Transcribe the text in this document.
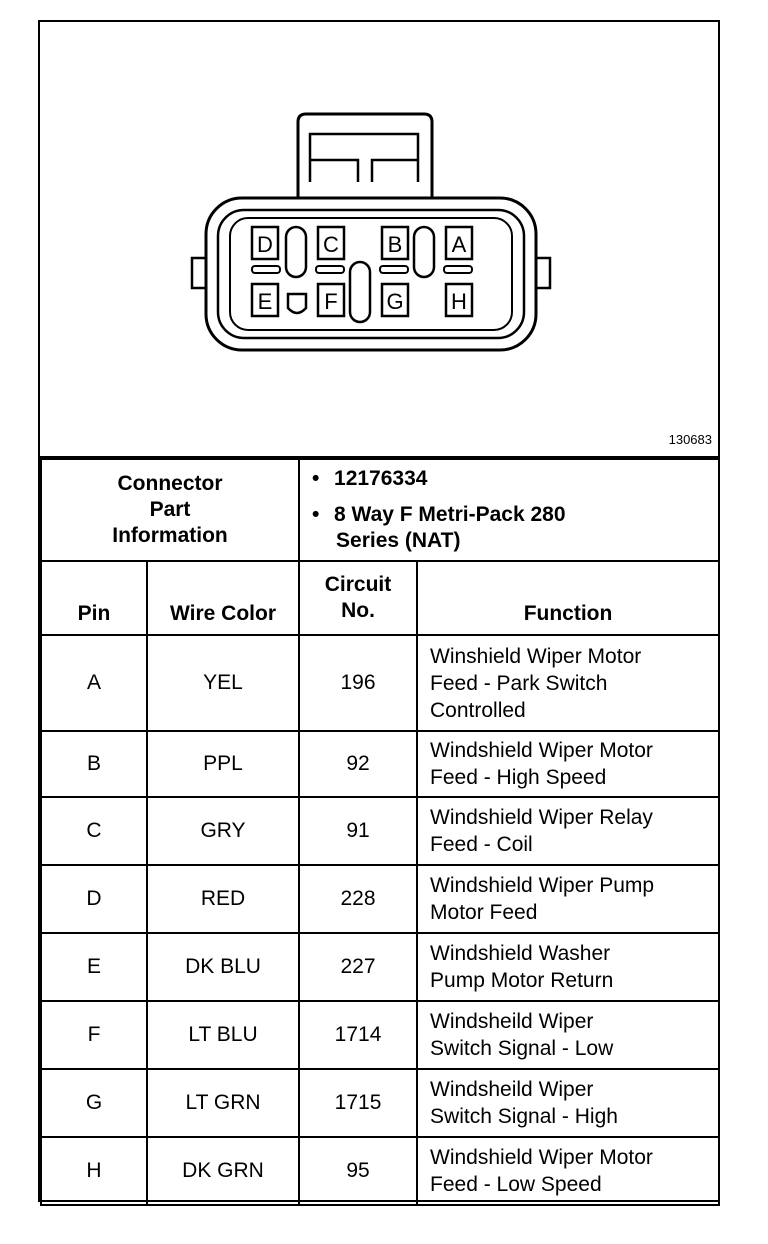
D C B A
E F G H
130683
Connector Part Information		• 12176334
• 8 Way F Metri-Pack 280 Series (NAT)	

Pin	Wire Color	Circuit No.	Function
A	YEL	196	Winshield Wiper Motor Feed - Park Switch Controlled

B	PPL	92	Windshield Wiper Motor Feed - High Speed

C	GRY	91	Windshield Wiper Relay Feed - Coil

D	RED	228	Windshield Wiper Pump Motor Feed

E	DK BLU	227	Windshield Washer Pump Motor Return

F	LT BLU	1714	Windsheild Wiper Switch Signal - Low

G	LT GRN	1715	Windsheild Wiper Switch Signal - High

H	DK GRN	95	Windshield Wiper Motor Feed - Low Speed
